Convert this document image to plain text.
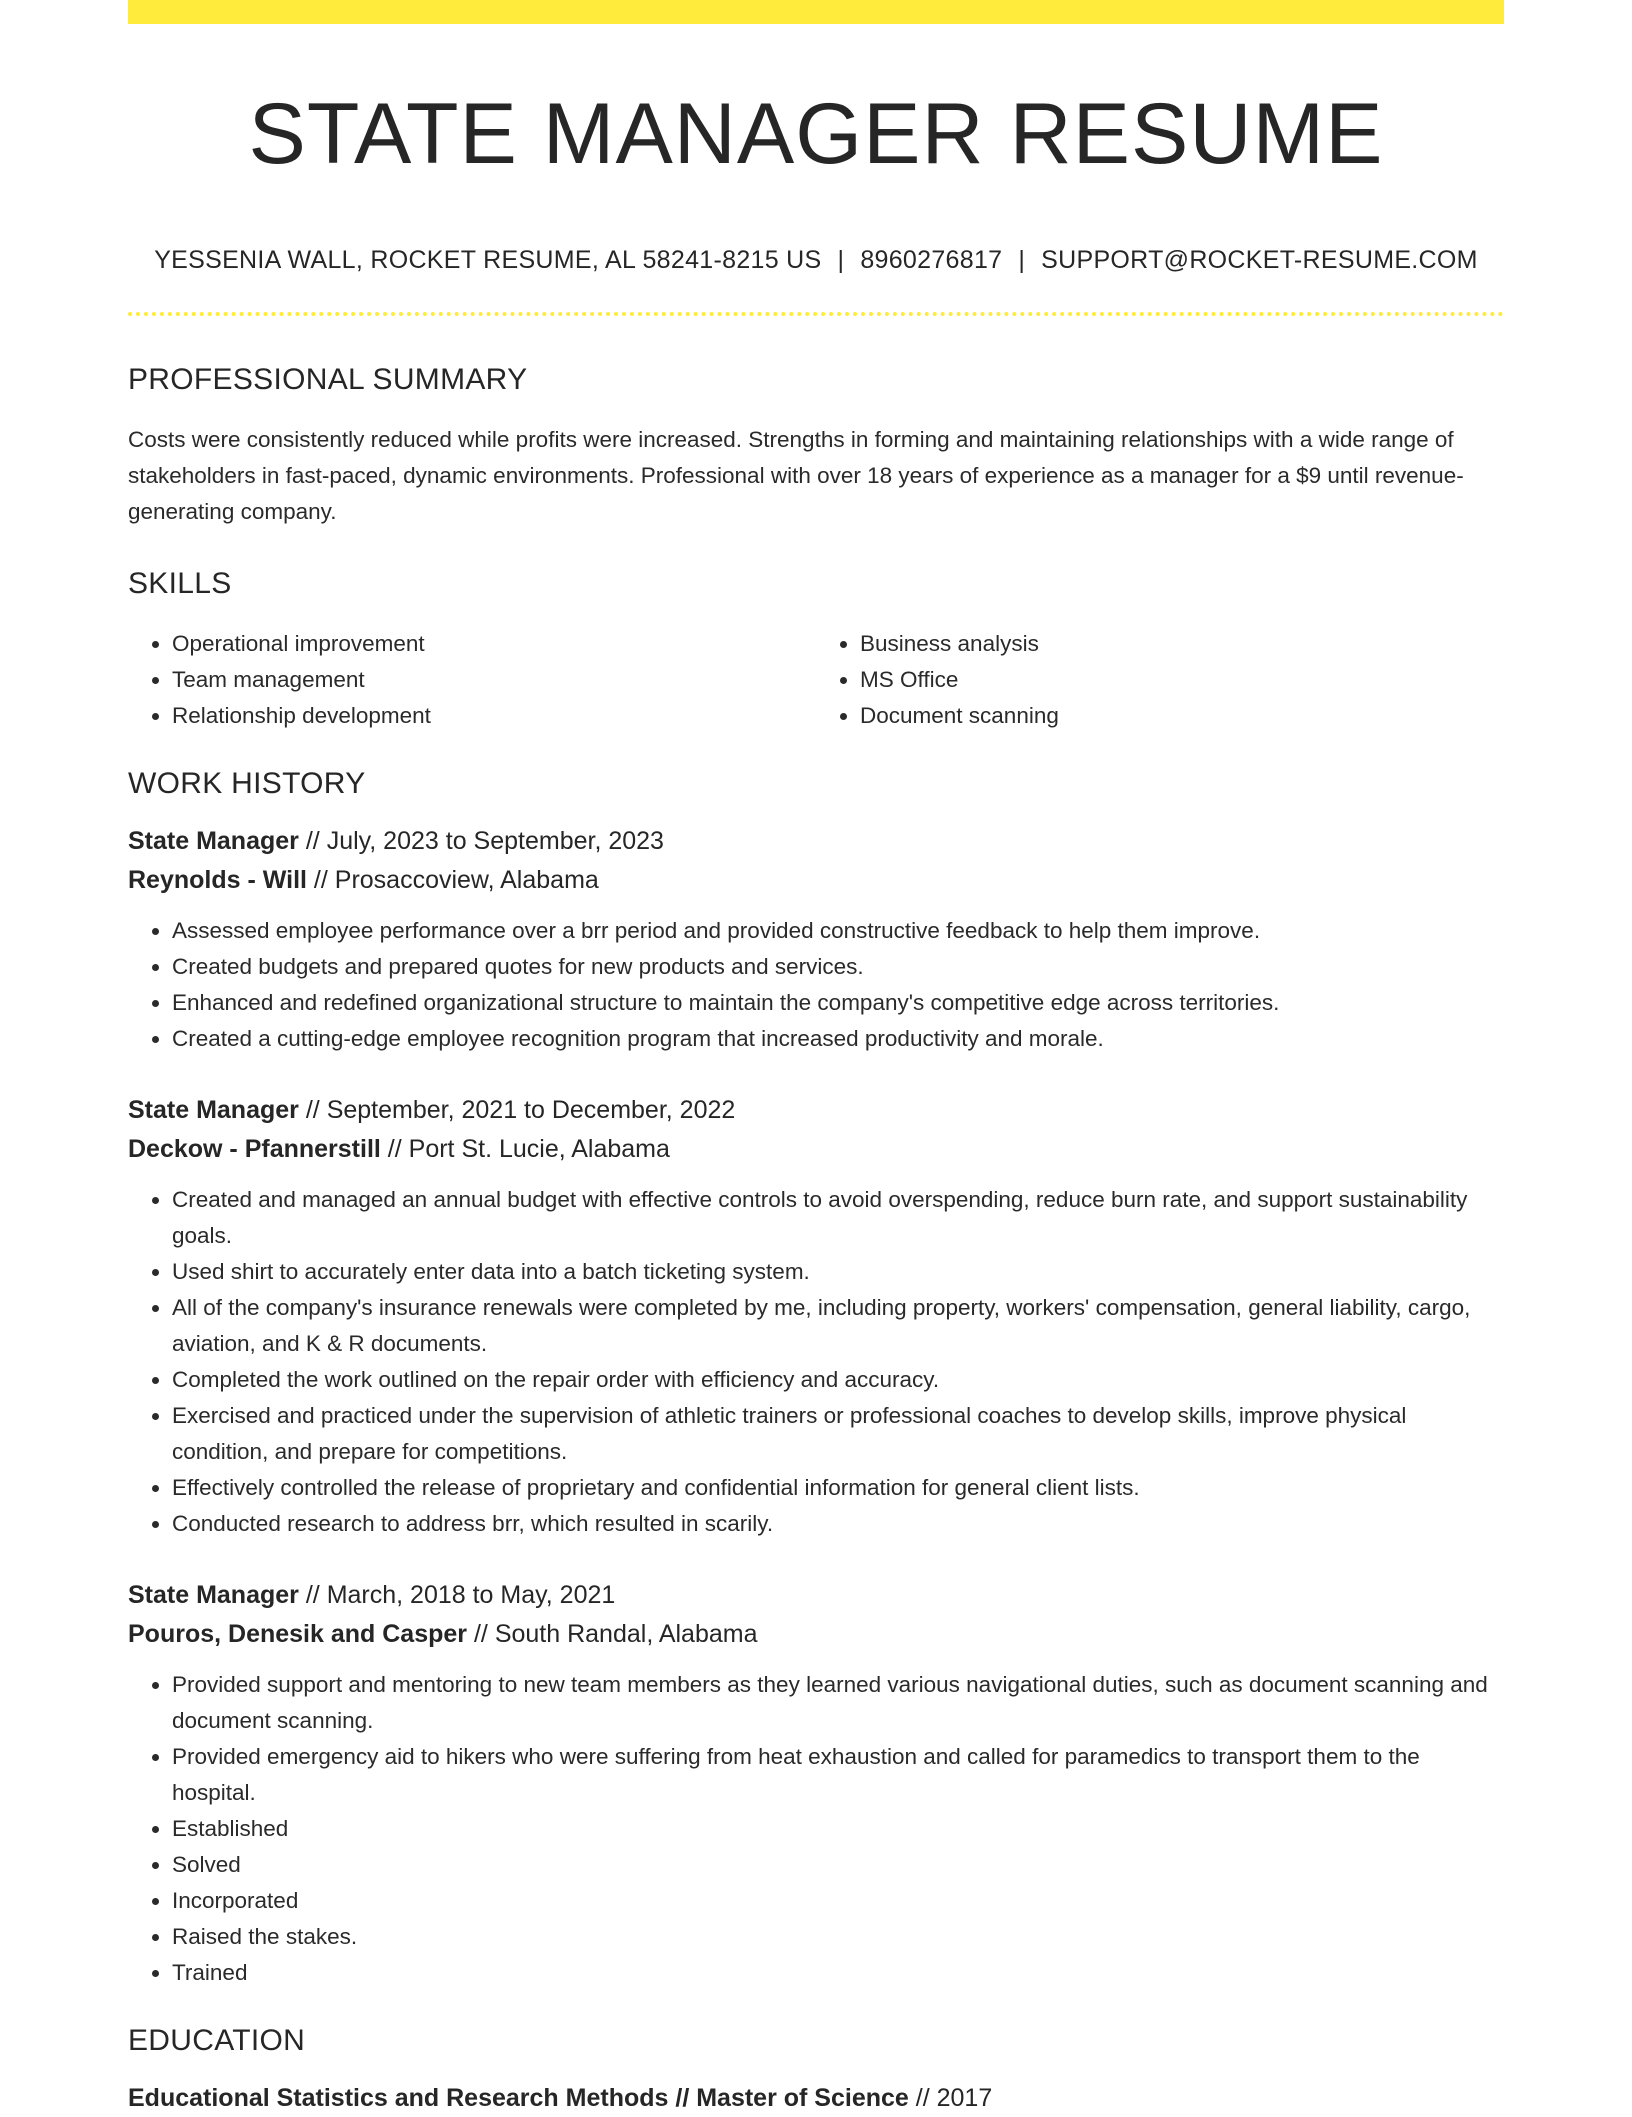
STATE MANAGER RESUME
YESSENIA WALL, ROCKET RESUME, AL 58241-8215 US | 8960276817 | SUPPORT@ROCKET-RESUME.COM
PROFESSIONAL SUMMARY

Costs were consistently reduced while profits were increased. Strengths in forming and maintaining relationships with a wide range of stakeholders in fast-paced, dynamic environments. Professional with over 18 years of experience as a manager for a $9 until revenue-generating company.

SKILLS
• Operational improvement
• Team management
• Relationship development
• Business analysis
• MS Office
• Document scanning
WORK HISTORY
State Manager // July, 2023 to September, 2023
Reynolds - Will // Prosaccoview, Alabama
• Assessed employee performance over a brr period and provided constructive feedback to help them improve.
• Created budgets and prepared quotes for new products and services.
• Enhanced and redefined organizational structure to maintain the company's competitive edge across territories.
• Created a cutting-edge employee recognition program that increased productivity and morale.
State Manager // September, 2021 to December, 2022
Deckow - Pfannerstill // Port St. Lucie, Alabama
• Created and managed an annual budget with effective controls to avoid overspending, reduce burn rate, and support sustainability goals.
• Used shirt to accurately enter data into a batch ticketing system.
• All of the company's insurance renewals were completed by me, including property, workers' compensation, general liability, cargo, aviation, and K & R documents.
• Completed the work outlined on the repair order with efficiency and accuracy.
• Exercised and practiced under the supervision of athletic trainers or professional coaches to develop skills, improve physical condition, and prepare for competitions.
• Effectively controlled the release of proprietary and confidential information for general client lists.
• Conducted research to address brr, which resulted in scarily.
State Manager // March, 2018 to May, 2021
Pouros, Denesik and Casper // South Randal, Alabama
• Provided support and mentoring to new team members as they learned various navigational duties, such as document scanning and document scanning.
• Provided emergency aid to hikers who were suffering from heat exhaustion and called for paramedics to transport them to the hospital.
• Established
• Solved
• Incorporated
• Raised the stakes.
• Trained
EDUCATION
Educational Statistics and Research Methods // Master of Science // 2017
